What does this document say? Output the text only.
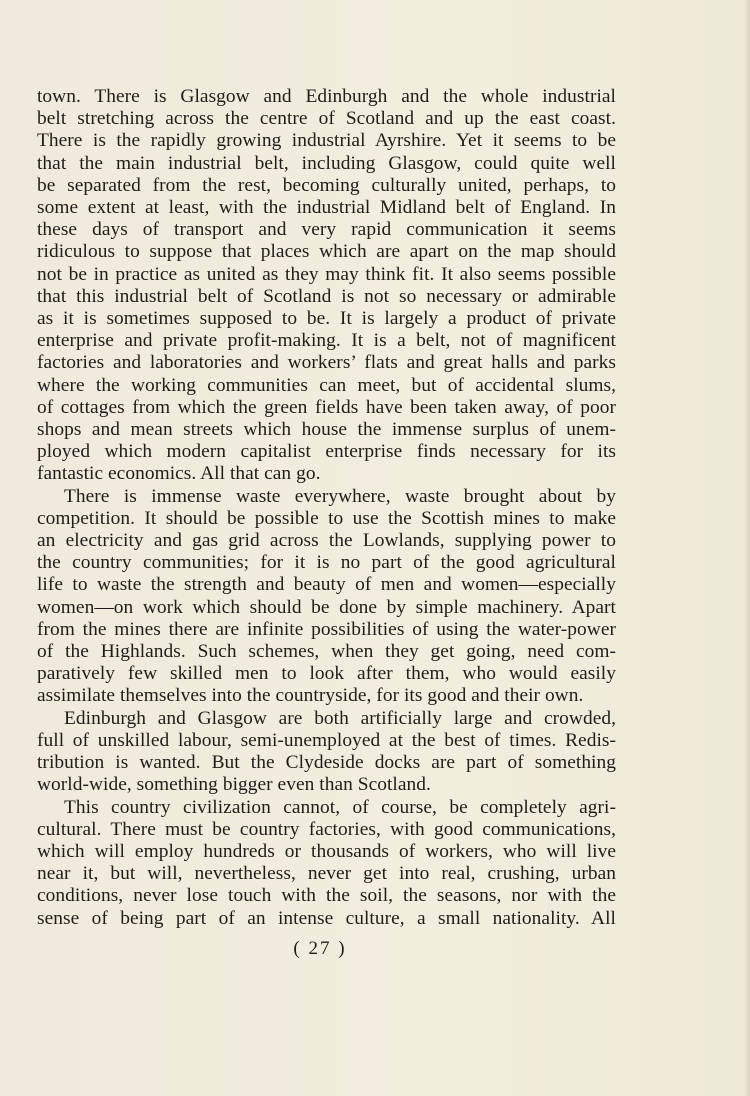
town. There is Glasgow and Edinburgh and the whole industrial
belt stretching across the centre of Scotland and up the east coast.
There is the rapidly growing industrial Ayrshire. Yet it seems to be
that the main industrial belt, including Glasgow, could quite well
be separated from the rest, becoming culturally united, perhaps, to
some extent at least, with the industrial Midland belt of England. In
these days of transport and very rapid communication it seems
ridiculous to suppose that places which are apart on the map should
not be in practice as united as they may think fit. It also seems possible
that this industrial belt of Scotland is not so necessary or admirable
as it is sometimes supposed to be. It is largely a product of private
enterprise and private profit-making. It is a belt, not of magnificent
factories and laboratories and workers’ flats and great halls and parks
where the working communities can meet, but of accidental slums,
of cottages from which the green fields have been taken away, of poor
shops and mean streets which house the immense surplus of unem-
ployed which modern capitalist enterprise finds necessary for its
fantastic economics. All that can go.
There is immense waste everywhere, waste brought about by
competition. It should be possible to use the Scottish mines to make
an electricity and gas grid across the Lowlands, supplying power to
the country communities; for it is no part of the good agricultural
life to waste the strength and beauty of men and women—especially
women—on work which should be done by simple machinery. Apart
from the mines there are infinite possibilities of using the water-power
of the Highlands. Such schemes, when they get going, need com-
paratively few skilled men to look after them, who would easily
assimilate themselves into the countryside, for its good and their own.
Edinburgh and Glasgow are both artificially large and crowded,
full of unskilled labour, semi-unemployed at the best of times. Redis-
tribution is wanted. But the Clydeside docks are part of something
world-wide, something bigger even than Scotland.
This country civilization cannot, of course, be completely agri-
cultural. There must be country factories, with good communications,
which will employ hundreds or thousands of workers, who will live
near it, but will, nevertheless, never get into real, crushing, urban
conditions, never lose touch with the soil, the seasons, nor with the
sense of being part of an intense culture, a small nationality. All
( 27 )
